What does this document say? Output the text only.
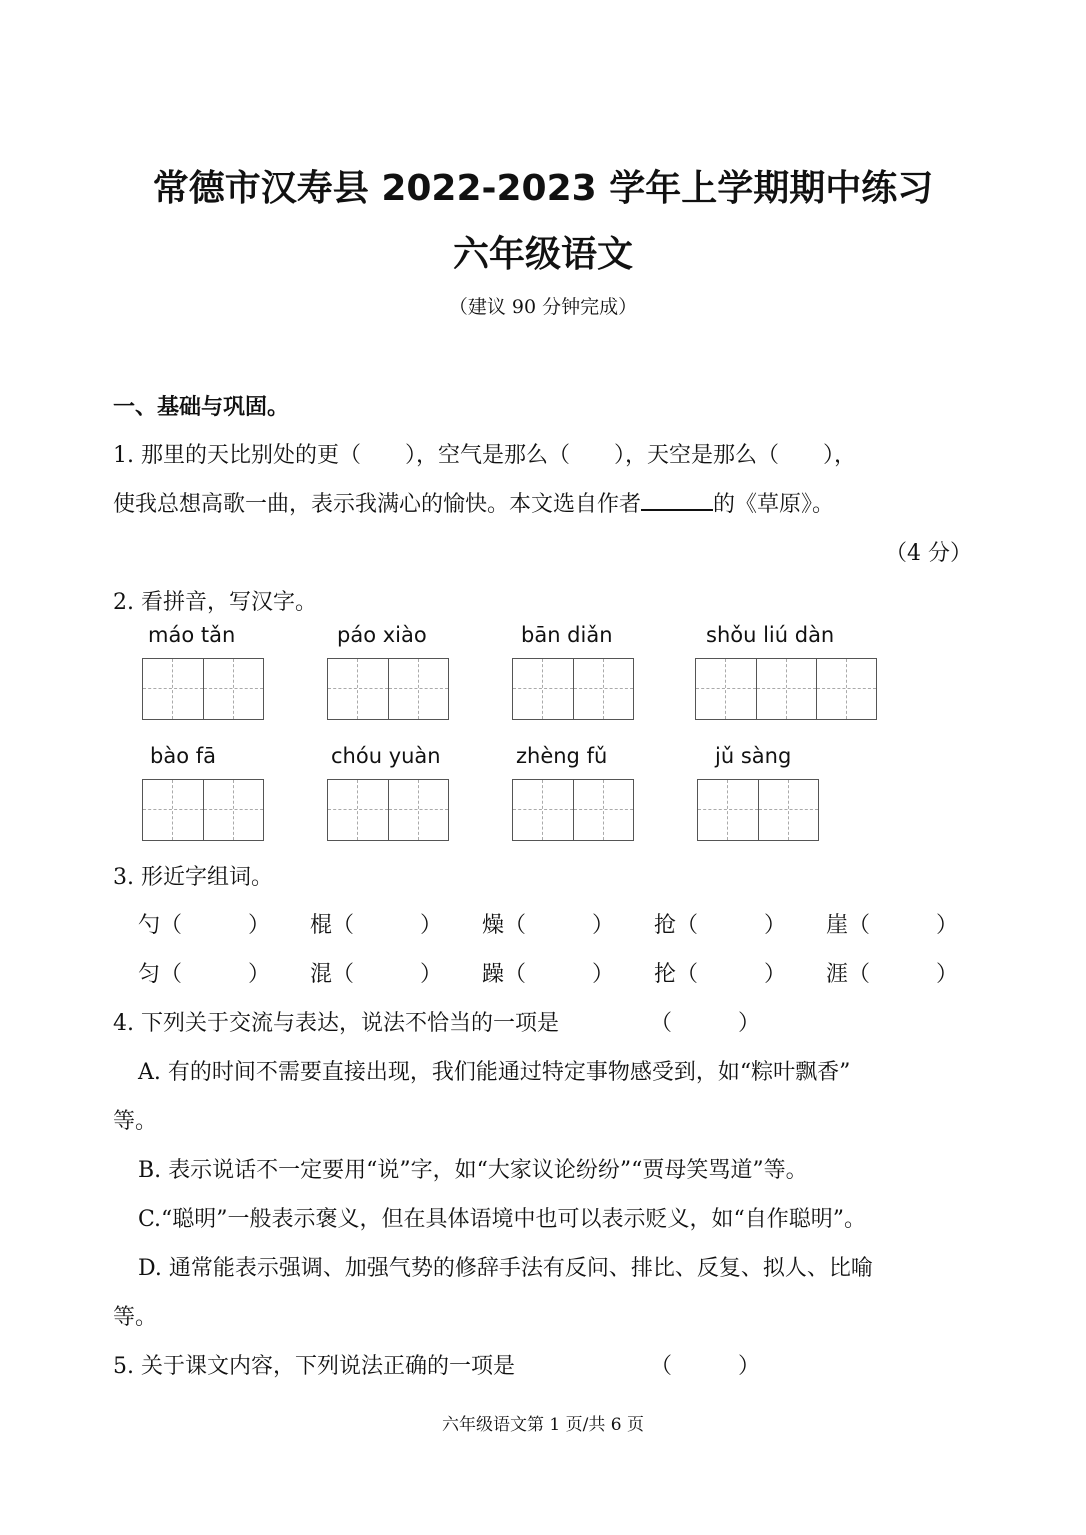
常德市汉寿县 2022-2023 学年上学期期中练习
六年级语文
（建议 90 分钟完成）
一、基础与巩固。
1. 那里的天比别处的更（　　），空气是那么（　　），天空是那么（　　），
使我总想高歌一曲，表示我满心的愉快。本文选自作者	的《草原》。
（4 分）
2. 看拼音，写汉字。
máo tǎn	páo xiào	bān diǎn	shǒu liú dàn
bào fā	chóu yuàn	zhèng fǔ	jǔ sàng
3. 形近字组词。
勺（　　　） 棍（　　　） 燥（　　　） 抢（　　　） 崖（　　　）
匀（　　　） 混（　　　） 躁（　　　） 抡（　　　） 涯（　　　）
4. 下列关于交流与表达，说法不恰当的一项是	（　　　）
A. 有的时间不需要直接出现，我们能通过特定事物感受到，如“粽叶飘香”
等。
B. 表示说话不一定要用“说”字，如“大家议论纷纷”“贾母笑骂道”等。
C.“聪明”一般表示褒义，但在具体语境中也可以表示贬义，如“自作聪明”。
D. 通常能表示强调、加强气势的修辞手法有反问、排比、反复、拟人、比喻
等。
5. 关于课文内容，下列说法正确的一项是	（　　　）
六年级语文第 1 页/共 6 页
